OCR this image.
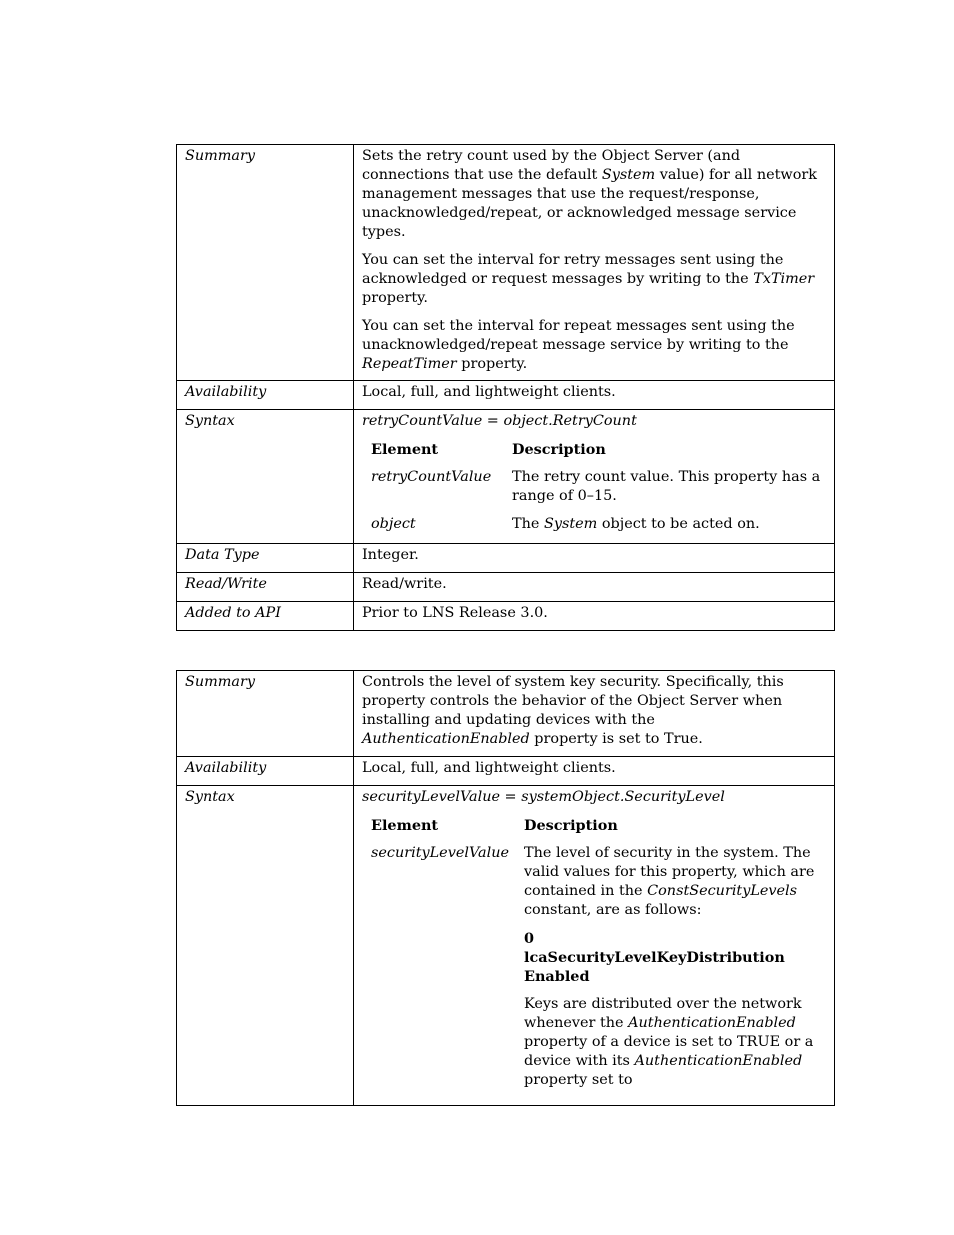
Summary	Sets the retry count used by the Object Server (and connections that use the default System value) for all network management messages that use the request/response, unacknowledged/repeat, or acknowledged message service types.

You can set the interval for retry messages sent using the acknowledged or request messages by writing to the TxTimer property.

You can set the interval for repeat messages sent using the unacknowledged/repeat message service by writing to the RepeatTimer property.

Availability	Local, full, and lightweight clients.
Syntax	retryCountValue = object.RetryCount
Element	Description
retryCountValue	The retry count value. This property has a range of 0–15.
object	The System object to be acted on.

Data Type	Integer.
Read/Write	Read/write.
Added to API	Prior to LNS Release 3.0.
Summary	Controls the level of system key security. Specifically, this property controls the behavior of the Object Server when installing and updating devices with the AuthenticationEnabled property is set to True.
Availability	Local, full, and lightweight clients.
Syntax	securityLevelValue = systemObject.SecurityLevel
Element	Description
securityLevelValue	The level of security in the system. The valid values for this property, which are contained in the ConstSecurityLevels constant, are as follows:

0
lcaSecurityLevelKeyDistribution Enabled

Keys are distributed over the network whenever the AuthenticationEnabled property of a device is set to TRUE or a device with its AuthenticationEnabled property set to
